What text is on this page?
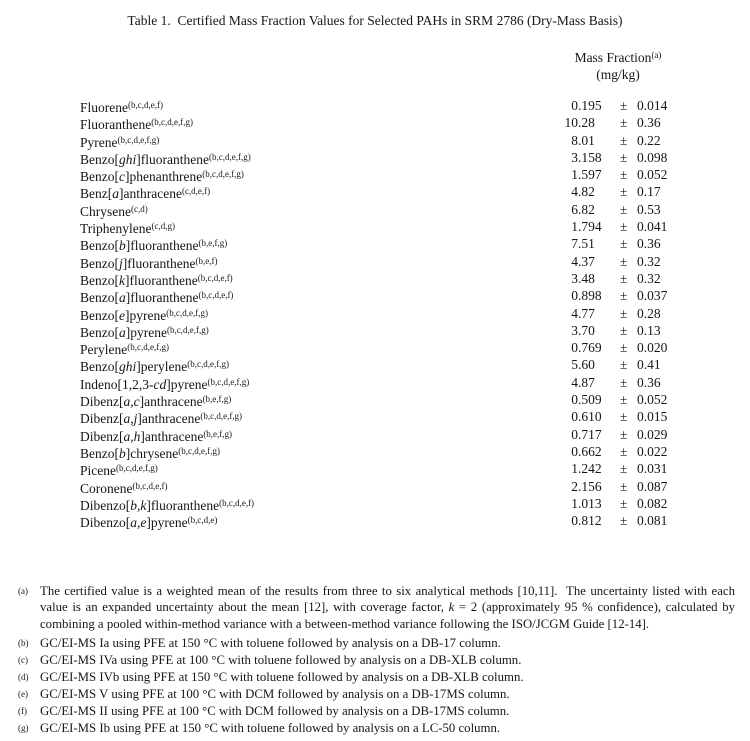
Table 1.  Certified Mass Fraction Values for Selected PAHs in SRM 2786 (Dry-Mass Basis)
Mass Fraction$^{(a)}$
(mg/kg)
Fluorene$^{(b,c,d,e,f)}$	0 .195 ± 0.014
Fluoranthene$^{(b,c,d,e,f,g)}$	10 .28 ± 0.36
Pyrene$^{(b,c,d,e,f,g)}$	8 .01 ± 0.22
Benzo[ghi]fluoranthene$^{(b,c,d,e,f,g)}$	3 .158 ± 0.098
Benzo[c]phenanthrene$^{(b,c,d,e,f,g)}$	1 .597 ± 0.052
Benz[a]anthracene$^{(c,d,e,f)}$	4 .82 ± 0.17
Chrysene$^{(c,d)}$	6 .82 ± 0.53
Triphenylene$^{(c,d,g)}$	1 .794 ± 0.041
Benzo[b]fluoranthene$^{(b,e,f,g)}$	7 .51 ± 0.36
Benzo[j]fluoranthene$^{(b,e,f)}$	4 .37 ± 0.32
Benzo[k]fluoranthene$^{(b,c,d,e,f)}$	3 .48 ± 0.32
Benzo[a]fluoranthene$^{(b,c,d,e,f)}$	0 .898 ± 0.037
Benzo[e]pyrene$^{(b,c,d,e,f,g)}$	4 .77 ± 0.28
Benzo[a]pyrene$^{(b,c,d,e,f,g)}$	3 .70 ± 0.13
Perylene$^{(b,c,d,e,f,g)}$	0 .769 ± 0.020
Benzo[ghi]perylene$^{(b,c,d,e,f,g)}$	5 .60 ± 0.41
Indeno[1,2,3-cd]pyrene$^{(b,c,d,e,f,g)}$	4 .87 ± 0.36
Dibenz[a,c]anthracene$^{(b,e,f,g)}$	0 .509 ± 0.052
Dibenz[a,j]anthracene$^{(b,c,d,e,f,g)}$	0 .610 ± 0.015
Dibenz[a,h]anthracene$^{(b,e,f,g)}$	0 .717 ± 0.029
Benzo[b]chrysene$^{(b,c,d,e,f,g)}$	0 .662 ± 0.022
Picene$^{(b,c,d,e,f,g)}$	1 .242 ± 0.031
Coronene$^{(b,c,d,e,f)}$	2 .156 ± 0.087
Dibenzo[b,k]fluoranthene$^{(b,c,d,e,f)}$	1 .013 ± 0.082
Dibenzo[a,e]pyrene$^{(b,c,d,e)}$	0 .812 ± 0.081
(a) The certified value is a weighted mean of the results from three to six analytical methods [10,11].  The uncertainty listed with each value is an expanded uncertainty about the mean [12], with coverage factor, k = 2 (approximately 95 % confidence), calculated by combining a pooled within-method variance with a between-method variance following the ISO/JCGM Guide [12-14].
(b) GC/EI-MS Ia using PFE at 150 °C with toluene followed by analysis on a DB-17 column.
(c) GC/EI-MS IVa using PFE at 100 °C with toluene followed by analysis on a DB-XLB column.
(d) GC/EI-MS IVb using PFE at 150 °C with toluene followed by analysis on a DB-XLB column.
(e) GC/EI-MS V using PFE at 100 °C with DCM followed by analysis on a DB-17MS column.
(f) GC/EI-MS II using PFE at 100 °C with DCM followed by analysis on a DB-17MS column.
(g) GC/EI-MS Ib using PFE at 150 °C with toluene followed by analysis on a LC-50 column.
